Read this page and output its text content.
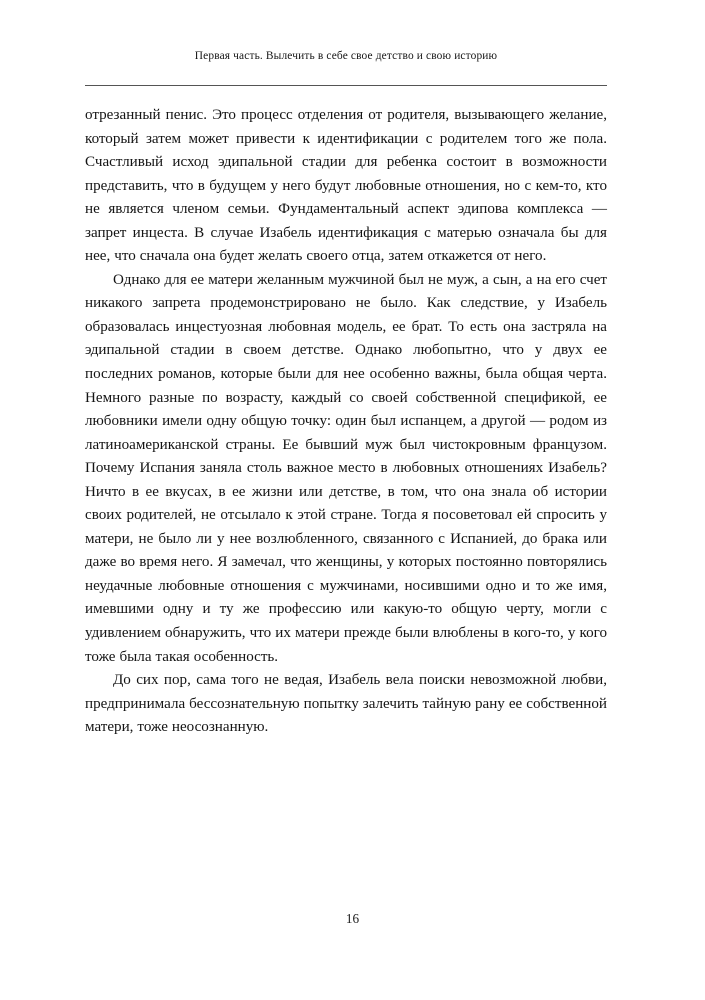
Первая часть. Вылечить в себе свое детство и свою историю

отрезанный пенис. Это процесс отделения от родителя, вызывающего желание, который затем может привести к идентификации с родителем того же пола. Счастливый исход эдипальной стадии для ребенка состоит в возможности представить, что в будущем у него будут любовные отношения, но с кем-то, кто не является членом семьи. Фундаментальный аспект эдипова комплекса — запрет инцеста. В случае Изабель идентификация с матерью означала бы для нее, что сначала она будет желать своего отца, затем откажется от него.

Однако для ее матери желанным мужчиной был не муж, а сын, а на его счет никакого запрета продемонстрировано не было. Как следствие, у Изабель образовалась инцестуозная любовная модель, ее брат. То есть она застряла на эдипальной стадии в своем детстве. Однако любопытно, что у двух ее последних романов, которые были для нее особенно важны, была общая черта. Немного разные по возрасту, каждый со своей собственной спецификой, ее любовники имели одну общую точку: один был испанцем, а другой — родом из латиноамериканской страны. Ее бывший муж был чистокровным французом. Почему Испания заняла столь важное место в любовных отношениях Изабель? Ничто в ее вкусах, в ее жизни или детстве, в том, что она знала об истории своих родителей, не отсылало к этой стране. Тогда я посоветовал ей спросить у матери, не было ли у нее возлюбленного, связанного с Испанией, до брака или даже во время него. Я замечал, что женщины, у которых постоянно повторялись неудачные любовные отношения с мужчинами, носившими одно и то же имя, имевшими одну и ту же профессию или какую-то общую черту, могли с удивлением обнаружить, что их матери прежде были влюблены в кого-то, у кого тоже была такая особенность.

До сих пор, сама того не ведая, Изабель вела поиски невозможной любви, предпринимала бессознательную попытку залечить тайную рану ее собственной матери, тоже неосознанную.

16
